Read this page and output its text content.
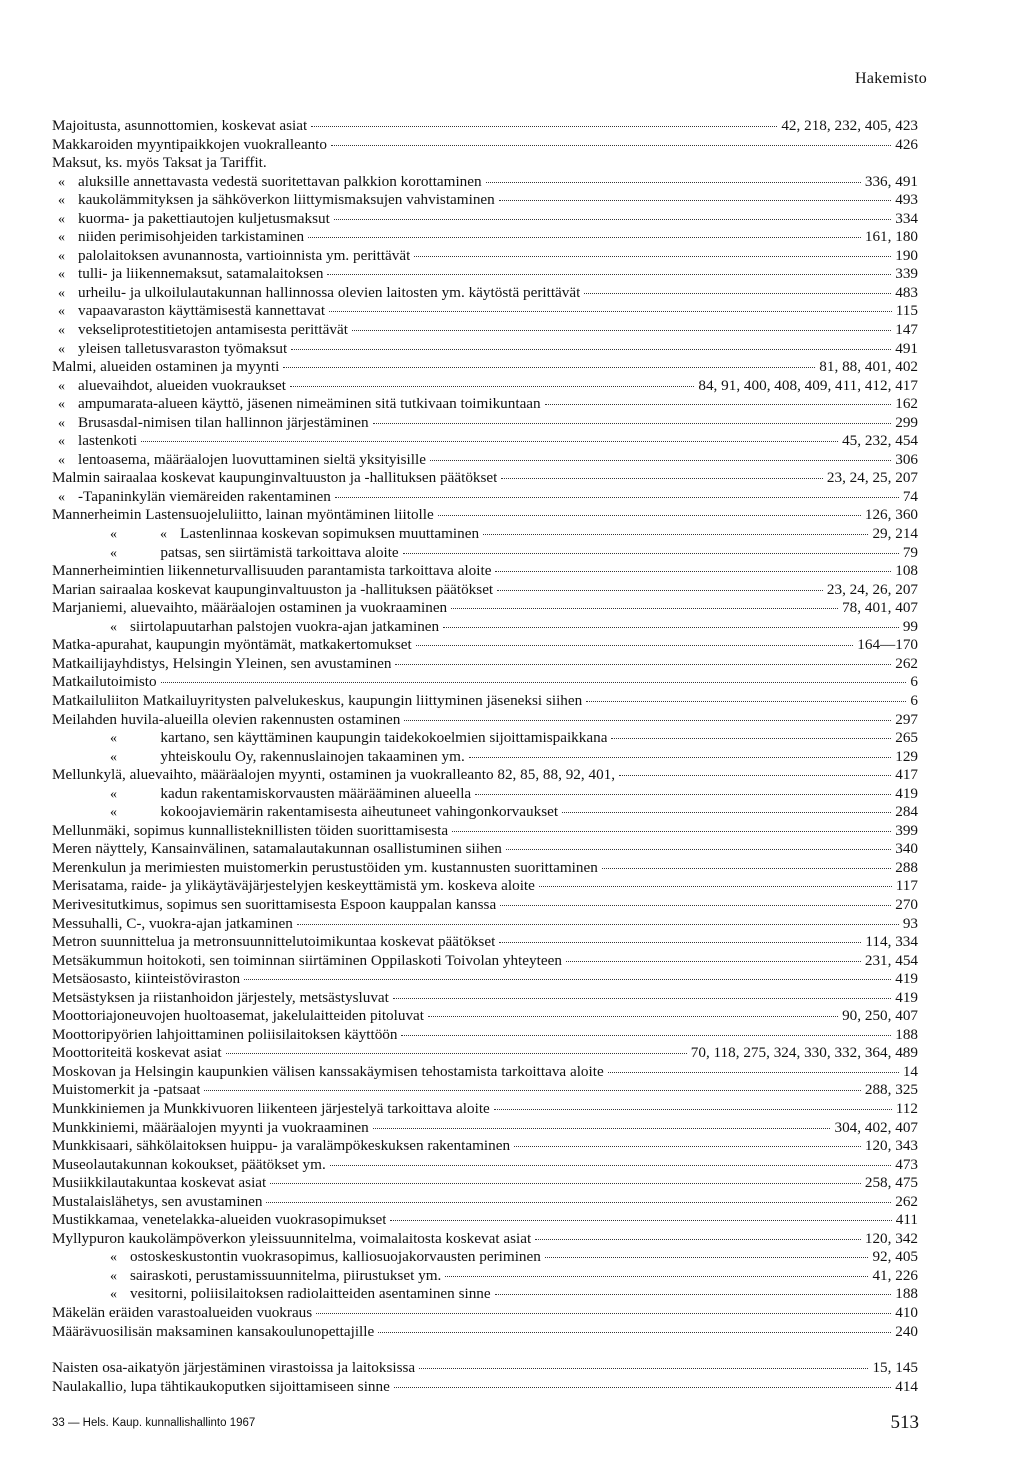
Hakemisto
Majoitusta, asunnottomien, koskevat asiat	42, 218, 232, 405, 423
Makkaroiden myyntipaikkojen vuokralleanto	426
Maksut, ks. myös Taksat ja Tariffit.
« aluksille annettavasta vedestä suoritettavan palkkion korottaminen	336, 491
« kaukolämmityksen ja sähköverkon liittymismaksujen vahvistaminen	493
« kuorma- ja pakettiautojen kuljetusmaksut	334
« niiden perimisohjeiden tarkistaminen	161, 180
« palolaitoksen avunannosta, vartioinnista ym. perittävät	190
« tulli- ja liikennemaksut, satamalaitoksen	339
« urheilu- ja ulkoilulautakunnan hallinnossa olevien laitosten ym. käytöstä perittävät	483
« vapaavaraston käyttämisestä kannettavat	115
« vekseliprotestitietojen antamisesta perittävät	147
« yleisen talletusvaraston työmaksut	491
Malmi, alueiden ostaminen ja myynti	81, 88, 401, 402
« aluevaihdot, alueiden vuokraukset	84, 91, 400, 408, 409, 411, 412, 417
« ampumarata-alueen käyttö, jäsenen nimeäminen sitä tutkivaan toimikuntaan	162
« Brusasdal-nimisen tilan hallinnon järjestäminen	299
« lastenkoti	45, 232, 454
« lentoasema, määräalojen luovuttaminen sieltä yksityisille	306
Malmin sairaalaa koskevat kaupunginvaltuuston ja -hallituksen päätökset	23, 24, 25, 207
« -Tapaninkylän viemäreiden rakentaminen	74
Mannerheimin Lastensuojeluliitto, lainan myöntäminen liitolle	126, 360
«	« Lastenlinnaa koskevan sopimuksen muuttaminen	29, 214
«  	patsas, sen siirtämistä tarkoittava aloite	79
Mannerheimintien liikenneturvallisuuden parantamista tarkoittava aloite	108
Marian sairaalaa koskevat kaupunginvaltuuston ja -hallituksen päätökset	23, 24, 26, 207
Marjaniemi, aluevaihto, määräalojen ostaminen ja vuokraaminen	78, 401, 407
« siirtolapuutarhan palstojen vuokra-ajan jatkaminen	99
Matka-apurahat, kaupungin myöntämät, matkakertomukset	164—170
Matkailijayhdistys, Helsingin Yleinen, sen avustaminen	262
Matkailutoimisto	6
Matkailuliiton Matkailuyritysten palvelukeskus, kaupungin liittyminen jäseneksi siihen	6
Meilahden huvila-alueilla olevien rakennusten ostaminen	297
«  	kartano, sen käyttäminen kaupungin taidekokoelmien sijoittamispaikkana	265
«  	yhteiskoulu Oy, rakennuslainojen takaaminen ym.	129
Mellunkylä, aluevaihto, määräalojen myynti, ostaminen ja vuokralleanto 82, 85, 88, 92, 401,	417
«  	kadun rakentamiskorvausten määrääminen alueella	419
«  	kokoojaviemärin rakentamisesta aiheutuneet vahingonkorvaukset	284
Mellunmäki, sopimus kunnallisteknillisten töiden suorittamisesta	399
Meren näyttely, Kansainvälinen, satamalautakunnan osallistuminen siihen	340
Merenkulun ja merimiesten muistomerkin perustustöiden ym. kustannusten suorittaminen	288
Merisatama, raide- ja ylikäytäväjärjestelyjen keskeyttämistä ym. koskeva aloite	117
Merivesitutkimus, sopimus sen suorittamisesta Espoon kauppalan kanssa	270
Messuhalli, C-, vuokra-ajan jatkaminen	93
Metron suunnittelua ja metronsuunnittelutoimikuntaa koskevat päätökset	114, 334
Metsäkummun hoitokoti, sen toiminnan siirtäminen Oppilaskoti Toivolan yhteyteen	231, 454
Metsäosasto, kiinteistöviraston	419
Metsästyksen ja riistanhoidon järjestely, metsästysluvat	419
Moottoriajoneuvojen huoltoasemat, jakelulaitteiden pitoluvat	90, 250, 407
Moottoripyörien lahjoittaminen poliisilaitoksen käyttöön	188
Moottoriteitä koskevat asiat	70, 118, 275, 324, 330, 332, 364, 489
Moskovan ja Helsingin kaupunkien välisen kanssakäymisen tehostamista tarkoittava aloite	14
Muistomerkit ja -patsaat	288, 325
Munkkiniemen ja Munkkivuoren liikenteen järjestelyä tarkoittava aloite	112
Munkkiniemi, määräalojen myynti ja vuokraaminen	304, 402, 407
Munkkisaari, sähkölaitoksen huippu- ja varalämpökeskuksen rakentaminen	120, 343
Museolautakunnan kokoukset, päätökset ym.	473
Musiikkilautakuntaa koskevat asiat	258, 475
Mustalaislähetys, sen avustaminen	262
Mustikkamaa, venetelakka-alueiden vuokrasopimukset	411
Myllypuron kaukolämpöverkon yleissuunnitelma, voimalaitosta koskevat asiat	120, 342
« ostoskeskustontin vuokrasopimus, kalliosuojakorvausten periminen	92, 405
« sairaskoti, perustamissuunnitelma, piirustukset ym.	41, 226
« vesitorni, poliisilaitoksen radiolaitteiden asentaminen sinne	188
Mäkelän eräiden varastoalueiden vuokraus	410
Määrävuosilisän maksaminen kansakoulunopettajille	240
Naisten osa-aikatyön järjestäminen virastoissa ja laitoksissa	15, 145
Naulakallio, lupa tähtikaukoputken sijoittamiseen sinne	414
33 — Hels. Kaup. kunnallishallinto 1967	513
